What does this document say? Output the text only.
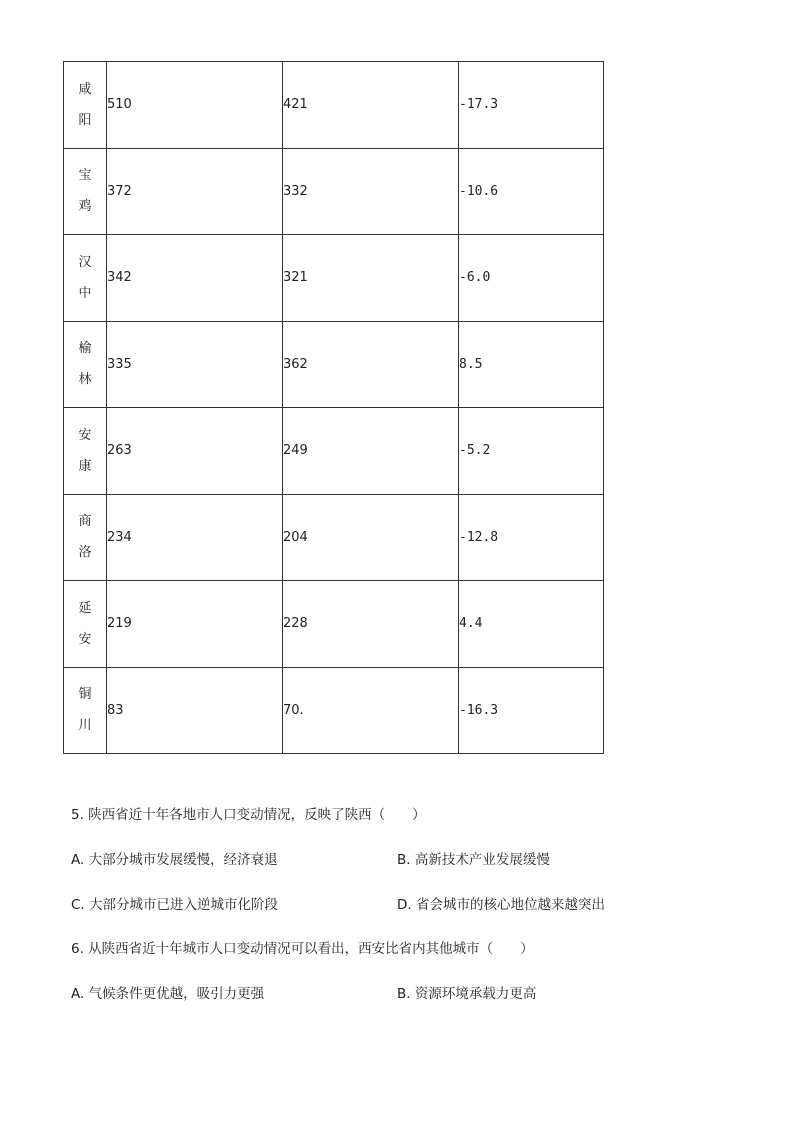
咸
阳	510	421	-17.3

宝
鸡	372	332	-10.6

汉
中	342	321	-6.0

榆
林	335	362	8.5

安
康	263	249	-5.2

商
洛	234	204	-12.8

延
安	219	228	4.4

铜
川	83	70.	-16.3
5. 陕西省近十年各地市人口变动情况，反映了陕西（　　）
A. 大部分城市发展缓慢，经济衰退	B. 高新技术产业发展缓慢
C. 大部分城市已进入逆城市化阶段	D. 省会城市的核心地位越来越突出
6. 从陕西省近十年城市人口变动情况可以看出，西安比省内其他城市（　　）
A. 气候条件更优越，吸引力更强	B. 资源环境承载力更高
